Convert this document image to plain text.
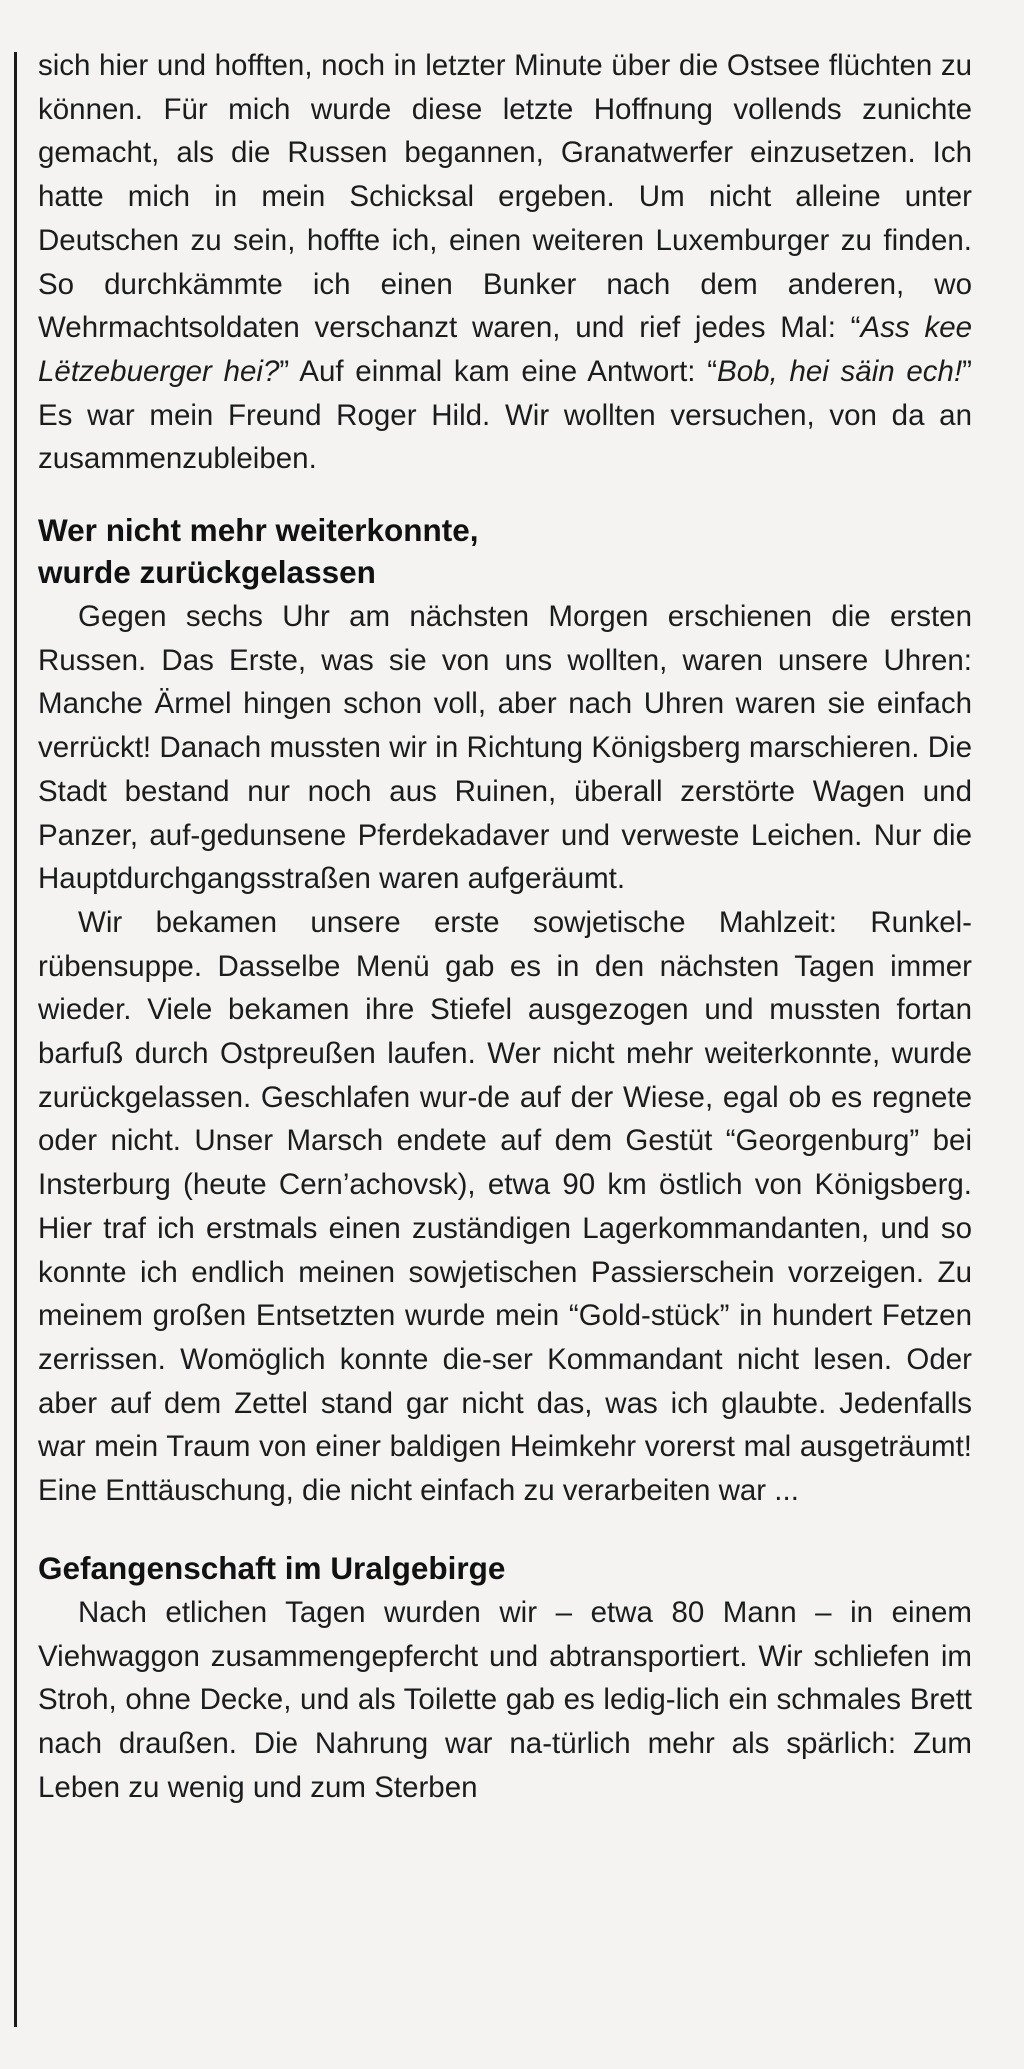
sich hier und hofften, noch in letzter Minute über die Ostsee flüchten zu können. Für mich wurde diese letzte Hoffnung vollends zunichte gemacht, als die Russen begannen, Granatwerfer einzusetzen. Ich hatte mich in mein Schicksal ergeben. Um nicht alleine unter Deutschen zu sein, hoffte ich, einen weiteren Luxemburger zu finden. So durchkämmte ich einen Bunker nach dem anderen, wo Wehrmachtsoldaten verschanzt waren, und rief jedes Mal: “Ass kee Lëtzebuerger hei?” Auf einmal kam eine Antwort: “Bob, hei säin ech!” Es war mein Freund Roger Hild. Wir wollten versuchen, von da an zusammenzubleiben.

Wer nicht mehr weiterkonnte,
wurde zurückgelassen

Gegen sechs Uhr am nächsten Morgen erschienen die ersten Russen. Das Erste, was sie von uns wollten, waren unsere Uhren: Manche Ärmel hingen schon voll, aber nach Uhren waren sie einfach verrückt! Danach mussten wir in Richtung Königsberg marschieren. Die Stadt bestand nur noch aus Ruinen, überall zerstörte Wagen und Panzer, auf-gedunsene Pferdekadaver und verweste Leichen. Nur die Hauptdurchgangsstraßen waren aufgeräumt.

Wir bekamen unsere erste sowjetische Mahlzeit: Runkel-rübensuppe. Dasselbe Menü gab es in den nächsten Tagen immer wieder. Viele bekamen ihre Stiefel ausgezogen und mussten fortan barfuß durch Ostpreußen laufen. Wer nicht mehr weiterkonnte, wurde zurückgelassen. Geschlafen wur-de auf der Wiese, egal ob es regnete oder nicht. Unser Marsch endete auf dem Gestüt “Georgenburg” bei Insterburg (heute Cern’achovsk), etwa 90 km östlich von Königsberg. Hier traf ich erstmals einen zuständigen Lagerkommandanten, und so konnte ich endlich meinen sowjetischen Passierschein vorzeigen. Zu meinem großen Entsetzten wurde mein “Gold-stück” in hundert Fetzen zerrissen. Womöglich konnte die-ser Kommandant nicht lesen. Oder aber auf dem Zettel stand gar nicht das, was ich glaubte. Jedenfalls war mein Traum von einer baldigen Heimkehr vorerst mal ausgeträumt! Eine Enttäuschung, die nicht einfach zu verarbeiten war ...

Gefangenschaft im Uralgebirge

Nach etlichen Tagen wurden wir – etwa 80 Mann – in einem Viehwaggon zusammengepfercht und abtransportiert. Wir schliefen im Stroh, ohne Decke, und als Toilette gab es ledig-lich ein schmales Brett nach draußen. Die Nahrung war na-türlich mehr als spärlich: Zum Leben zu wenig und zum Sterben
